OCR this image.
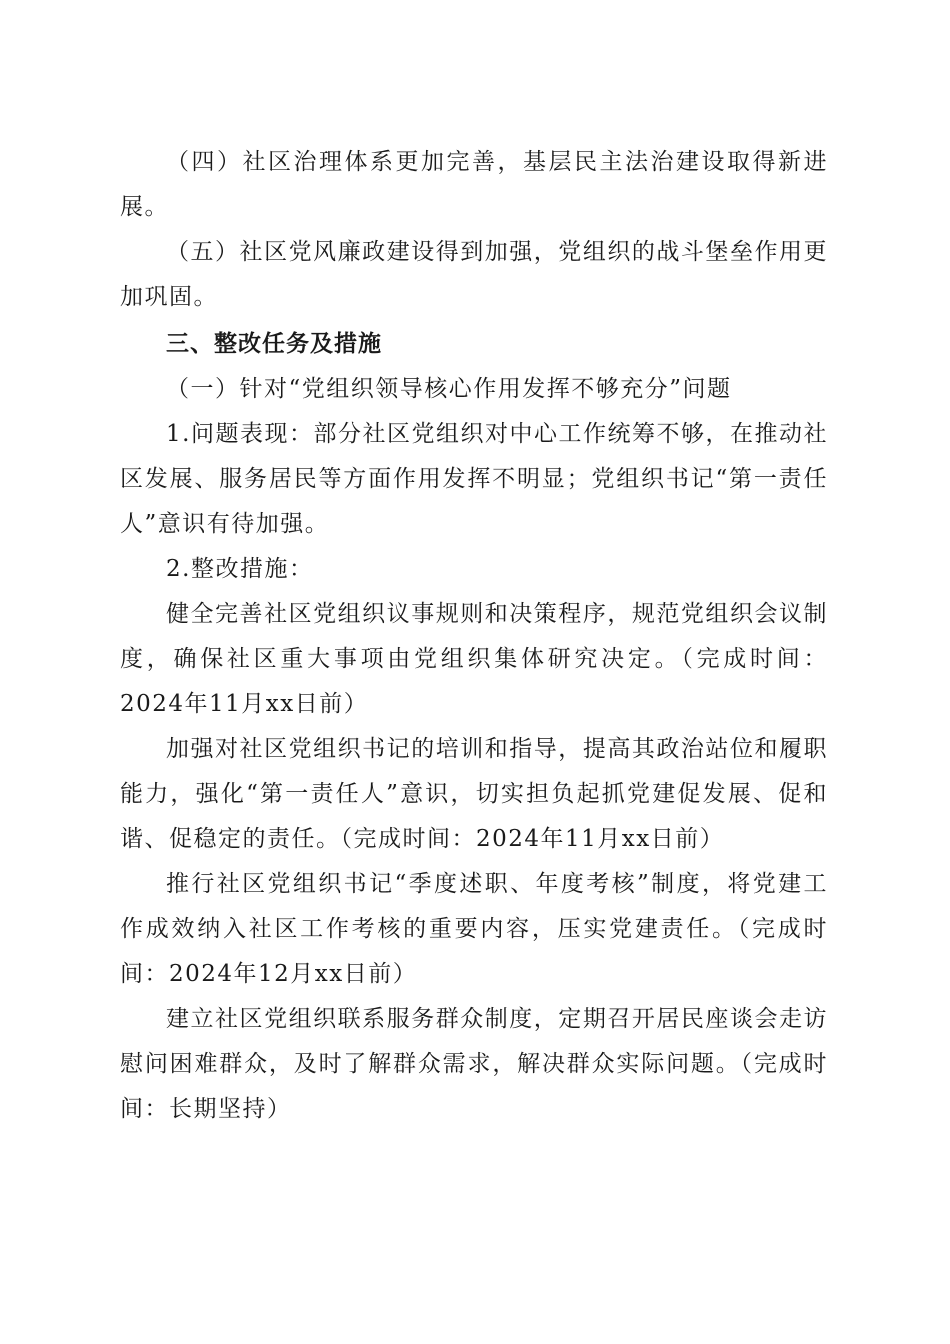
（四）社区治理体系更加完善，基层民主法治建设取得新进展。

（五）社区党风廉政建设得到加强，党组织的战斗堡垒作用更加巩固。

三、整改任务及措施

（一）针对“党组织领导核心作用发挥不够充分”问题

1.问题表现：部分社区党组织对中心工作统筹不够，在推动社区发展、服务居民等方面作用发挥不明显；党组织书记“第一责任人”意识有待加强。

2.整改措施：

健全完善社区党组织议事规则和决策程序，规范党组织会议制度，确保社区重大事项由党组织集体研究决定。（完成时间：2024年11月xx日前）

加强对社区党组织书记的培训和指导，提高其政治站位和履职能力，强化“第一责任人”意识，切实担负起抓党建促发展、促和谐、促稳定的责任。（完成时间：2024年11月xx日前）

推行社区党组织书记“季度述职、年度考核”制度，将党建工作成效纳入社区工作考核的重要内容，压实党建责任。（完成时间：2024年12月xx日前）

建立社区党组织联系服务群众制度，定期召开居民座谈会走访慰问困难群众，及时了解群众需求，解决群众实际问题。（完成时间：长期坚持）
